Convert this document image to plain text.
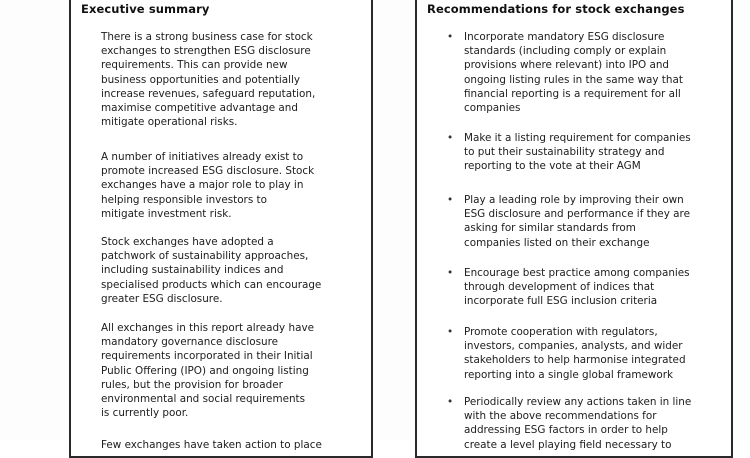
Executive summary

There is a strong business case for stock
exchanges to strengthen ESG disclosure
requirements. This can provide new
business opportunities and potentially
increase revenues, safeguard reputation,
maximise competitive advantage and
mitigate operational risks.

A number of initiatives already exist to
promote increased ESG disclosure. Stock
exchanges have a major role to play in
helping responsible investors to
mitigate investment risk.

Stock exchanges have adopted a
patchwork of sustainability approaches,
including sustainability indices and
specialised products which can encourage
greater ESG disclosure.

All exchanges in this report already have
mandatory governance disclosure
requirements incorporated in their Initial
Public Offering (IPO) and ongoing listing
rules, but the provision for broader
environmental and social requirements
is currently poor.

Few exchanges have taken action to place

Recommendations for stock exchanges
• Incorporate mandatory ESG disclosure
standards (including comply or explain
provisions where relevant) into IPO and
ongoing listing rules in the same way that
financial reporting is a requirement for all
companies
• Make it a listing requirement for companies
to put their sustainability strategy and
reporting to the vote at their AGM
• Play a leading role by improving their own
ESG disclosure and performance if they are
asking for similar standards from
companies listed on their exchange
• Encourage best practice among companies
through development of indices that
incorporate full ESG inclusion criteria
• Promote cooperation with regulators,
investors, companies, analysts, and wider
stakeholders to help harmonise integrated
reporting into a single global framework
• Periodically review any actions taken in line
with the above recommendations for
addressing ESG factors in order to help
create a level playing field necessary to
